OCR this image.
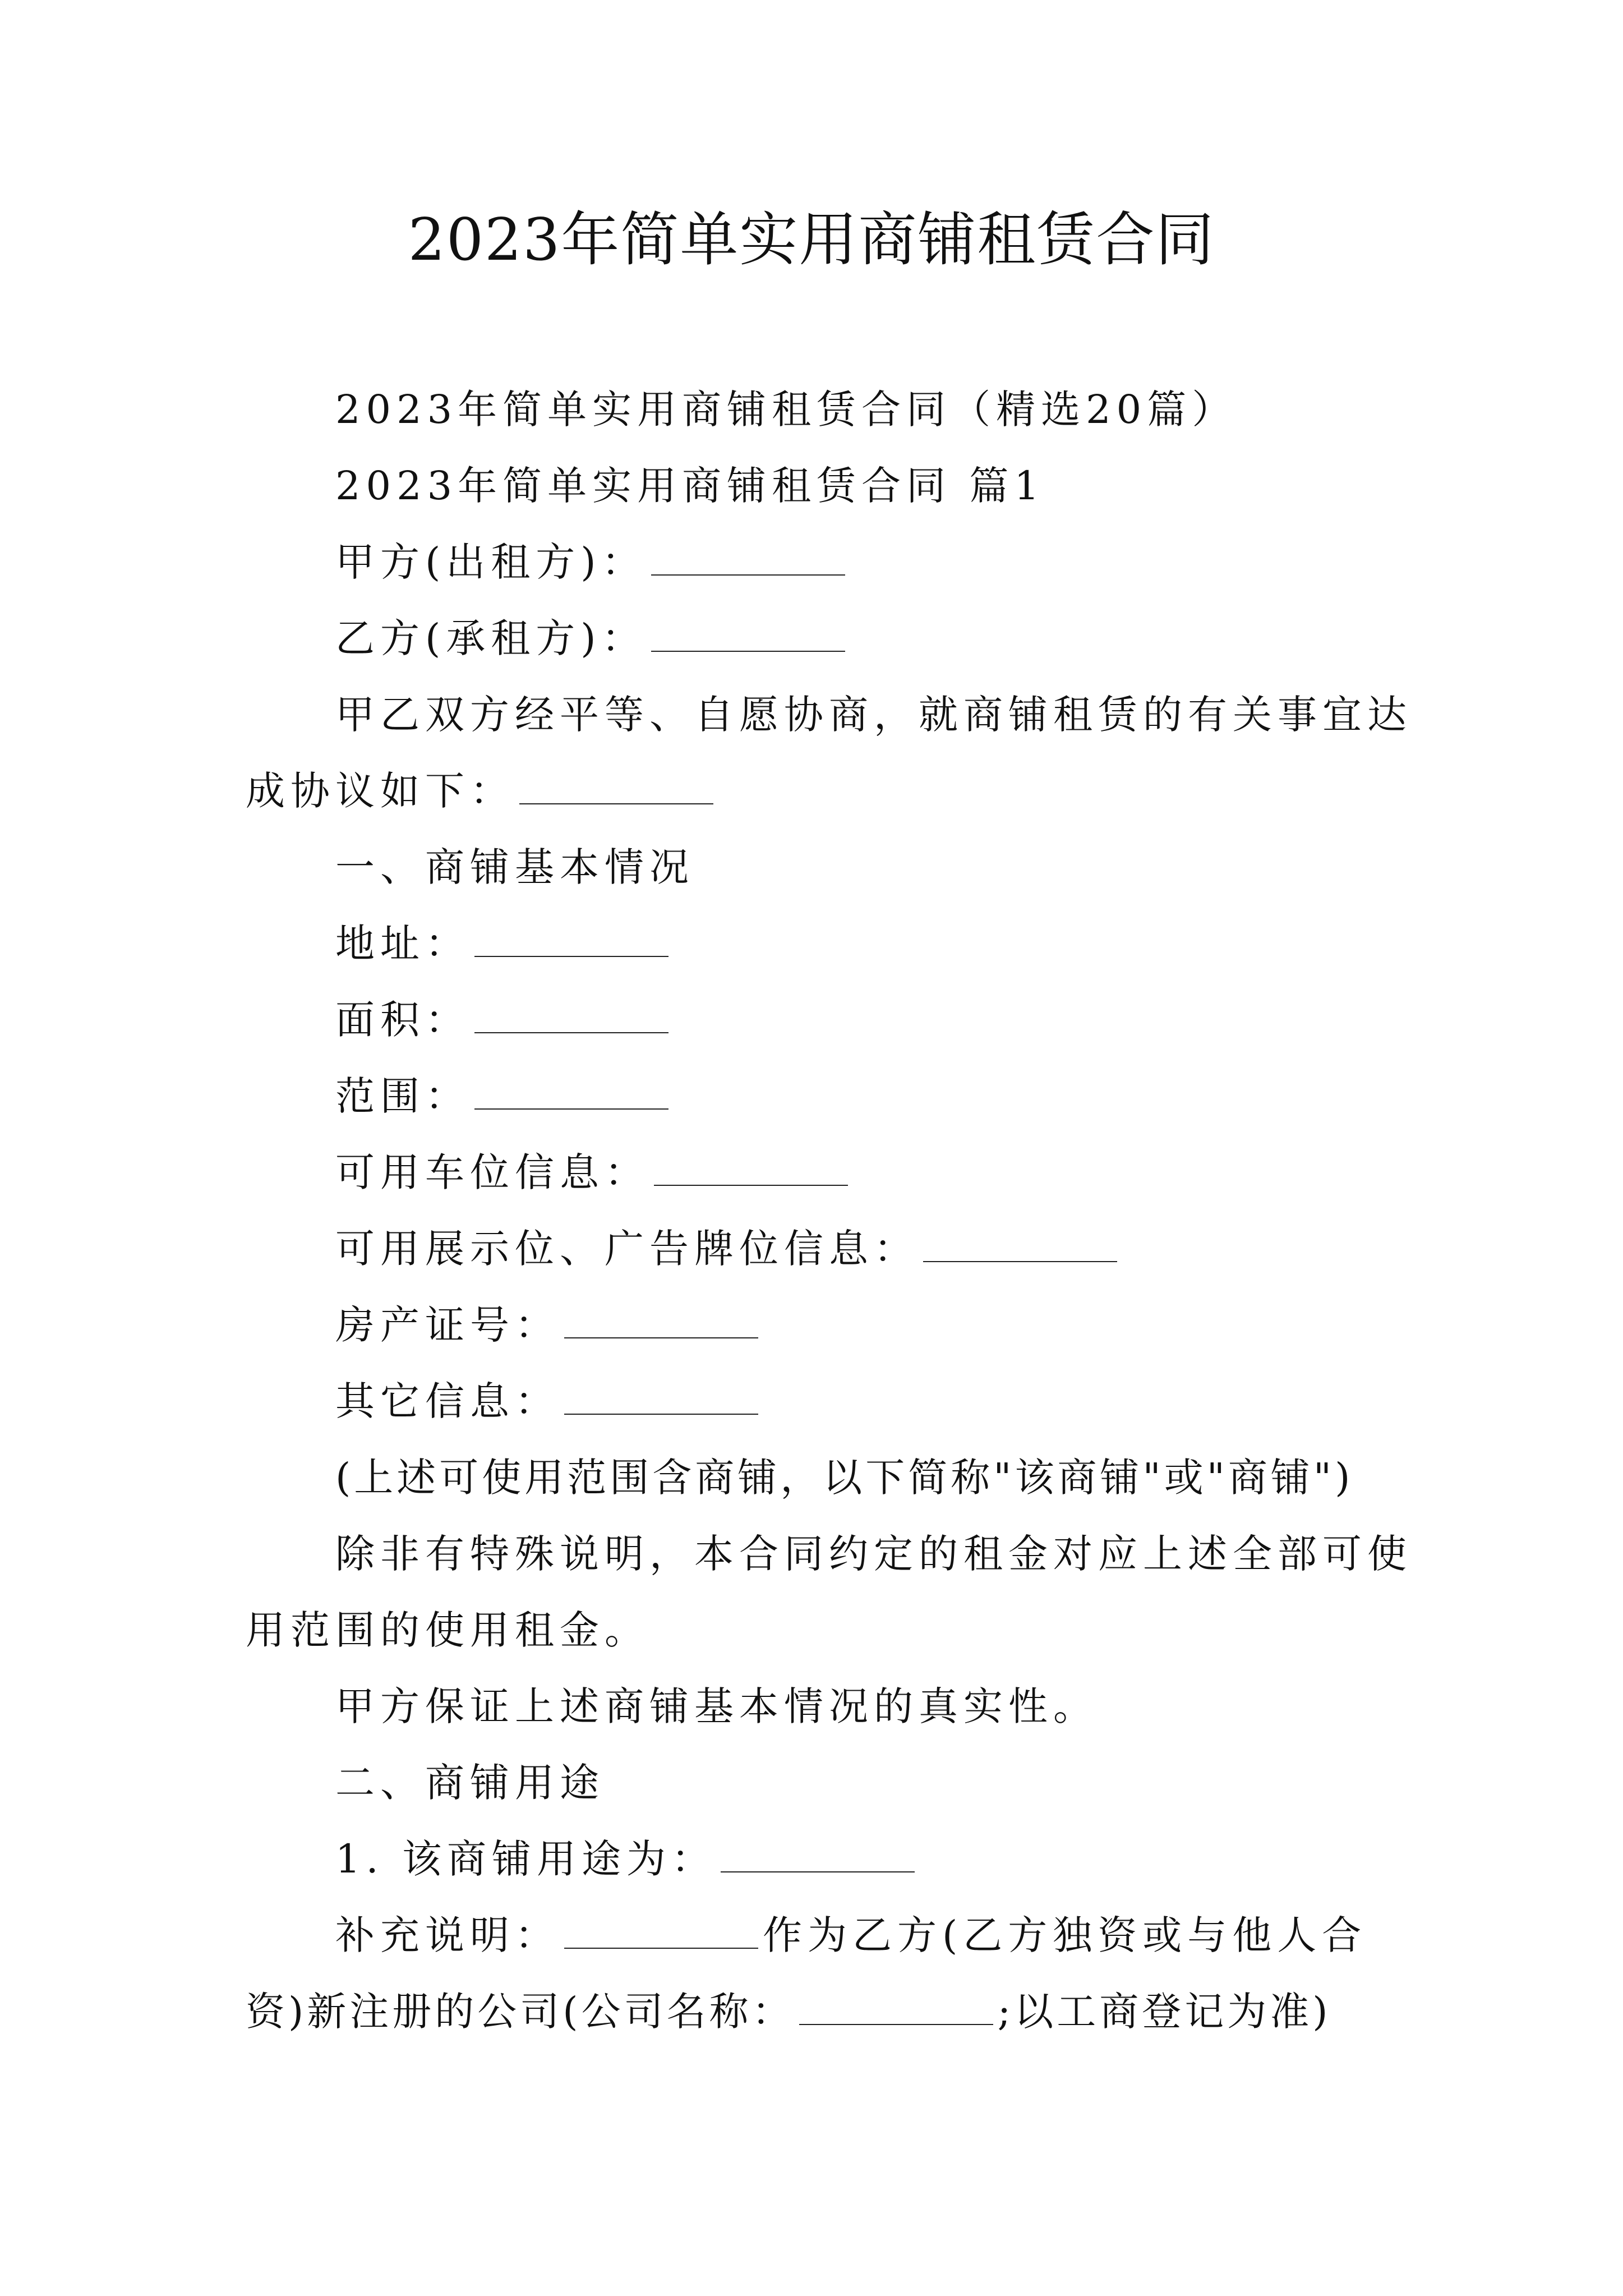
2023年简单实用商铺租赁合同
2023年简单实用商铺租赁合同（精选20篇）
2023年简单实用商铺租赁合同 篇1
甲方(出租方)：
乙方(承租方)：
甲乙双方经平等、自愿协商，就商铺租赁的有关事宜达
成协议如下：
一、商铺基本情况
地址：
面积：
范围：
可用车位信息：
可用展示位、广告牌位信息：
房产证号：
其它信息：
(上述可使用范围含商铺，以下简称"该商铺"或"商铺")
除非有特殊说明，本合同约定的租金对应上述全部可使
用范围的使用租金。
甲方保证上述商铺基本情况的真实性。
二、商铺用途
1. 该商铺用途为：
补充说明：	作为乙方(乙方独资或与他人合
资)新注册的公司(公司名称：	;以工商登记为准)
